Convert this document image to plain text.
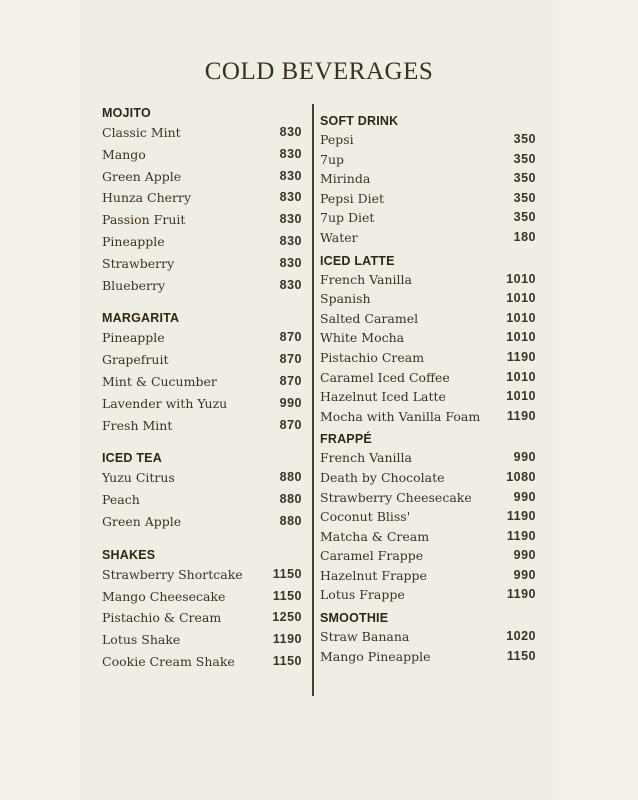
COLD BEVERAGES
MOJITO
Classic Mint	830
Mango	830
Green Apple	830
Hunza Cherry	830
Passion Fruit	830
Pineapple	830
Strawberry	830
Blueberry	830
MARGARITA
Pineapple	870
Grapefruit	870
Mint & Cucumber	870
Lavender with Yuzu	990
Fresh Mint	870
ICED TEA
Yuzu Citrus	880
Peach	880
Green Apple	880
SHAKES
Strawberry Shortcake 1150
Mango Cheesecake	1150
Pistachio & Cream	1250
Lotus Shake	1190
Cookie Cream Shake	1150
SOFT DRINK
Pepsi	350
7up	350
Mirinda	350
Pepsi Diet	350
7up Diet	350
Water	180
ICED LATTE
French Vanilla	1010
Spanish	1010
Salted Caramel	1010
White Mocha	1010
Pistachio Cream	1190
Caramel Iced Coffee	1010
Hazelnut Iced Latte	1010
Mocha with Vanilla Foam 1190
FRAPPÉ
French Vanilla	990
Death by Chocolate	1080
Strawberry Cheesecake	990
Coconut Bliss'	1190
Matcha & Cream	1190
Caramel Frappe	990
Hazelnut Frappe	990
Lotus Frappe	1190
SMOOTHIE
Straw Banana	1020
Mango Pineapple	1150
